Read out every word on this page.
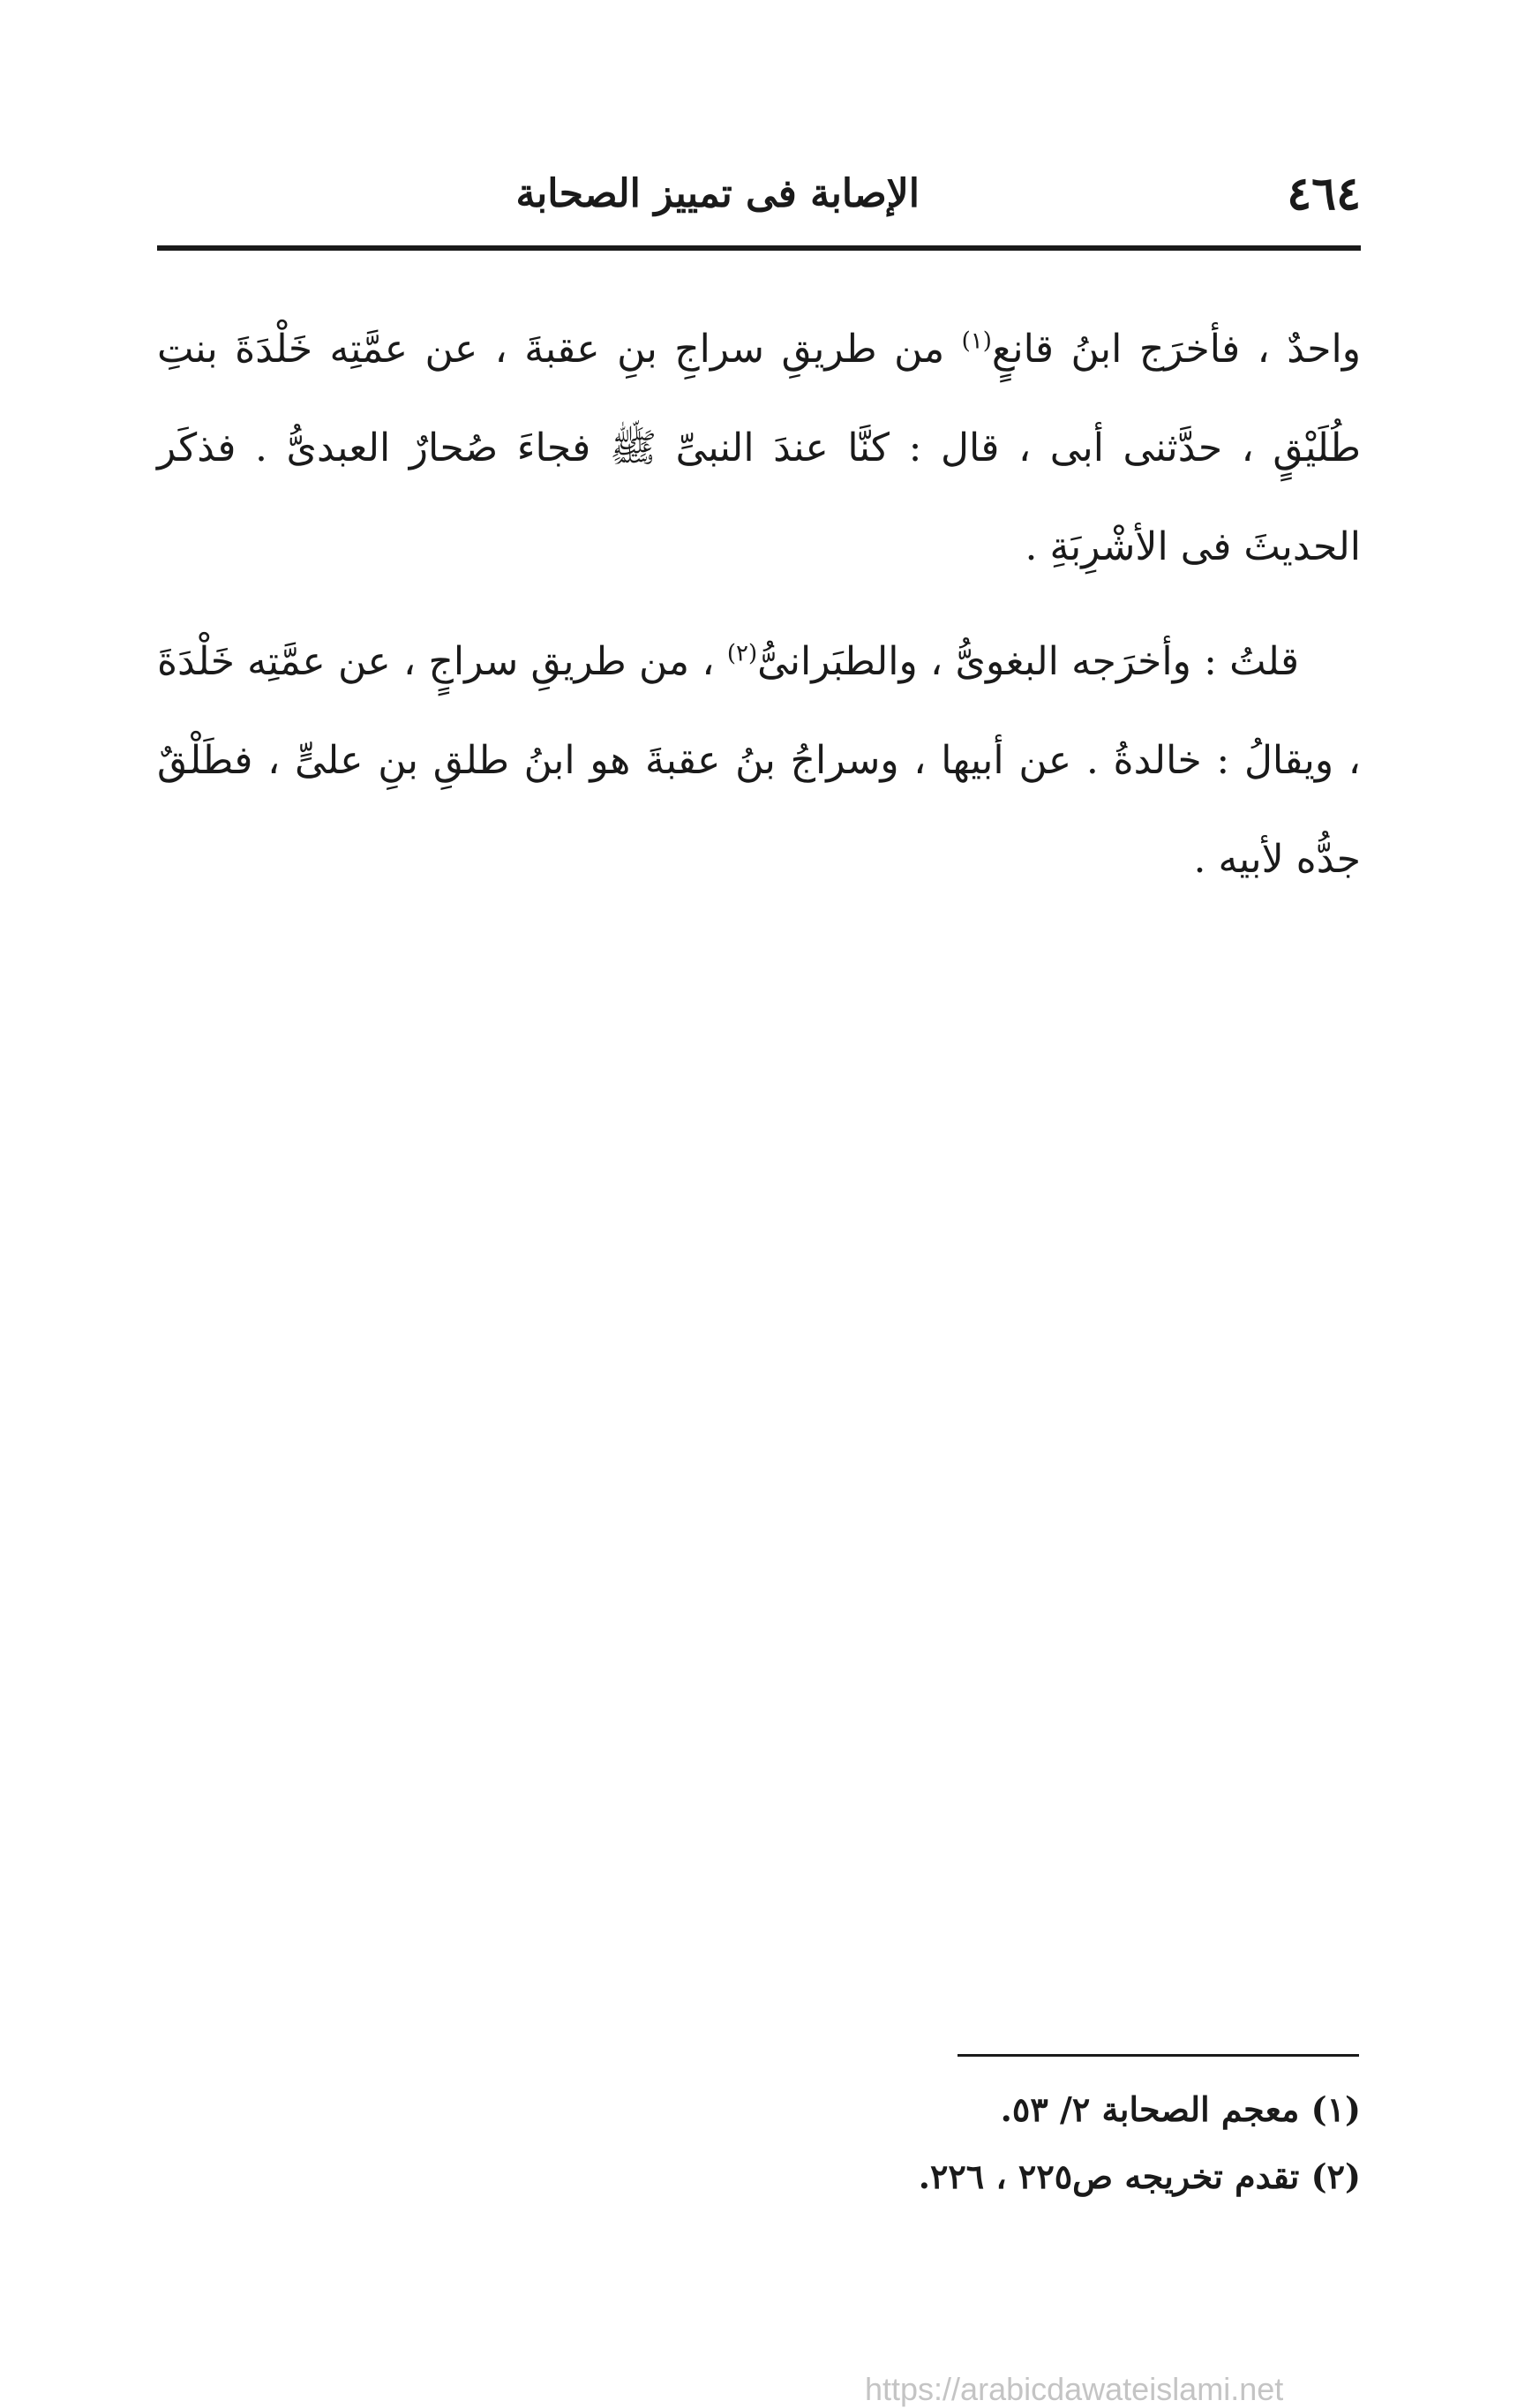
٤٦٤
الإصابة فى تمييز الصحابة

واحدٌ ، فأخرَج ابنُ قانعٍ$^{(١)}$ من طريقِ سراجِ بنِ عقبةَ ، عن عمَّتِه خَلْدَةَ بنتِ طُلَيْقٍ ، حدَّثنى أبى ، قال : كنَّا عندَ النبىِّ ﷺ فجاءَ صُحارٌ العبدىُّ . فذكَر الحديثَ فى الأشْرِبَةِ .

قلتُ : وأخرَجه البغوىُّ ، والطبَرانىُّ$^{(٢)}$ ، من طريقِ سراجٍ ، عن عمَّتِه خَلْدَةَ ، ويقالُ : خالدةُ . عن أبيها ، وسراجُ بنُ عقبةَ هو ابنُ طلقِ بنِ علىٍّ ، فطَلْقٌ جدُّه لأبيه .

(١) معجم الصحابة ٢/ ٥٣.

(٢) تقدم تخريجه ص٢٢٥ ، ٢٢٦.

https://arabicdawateislami.net
